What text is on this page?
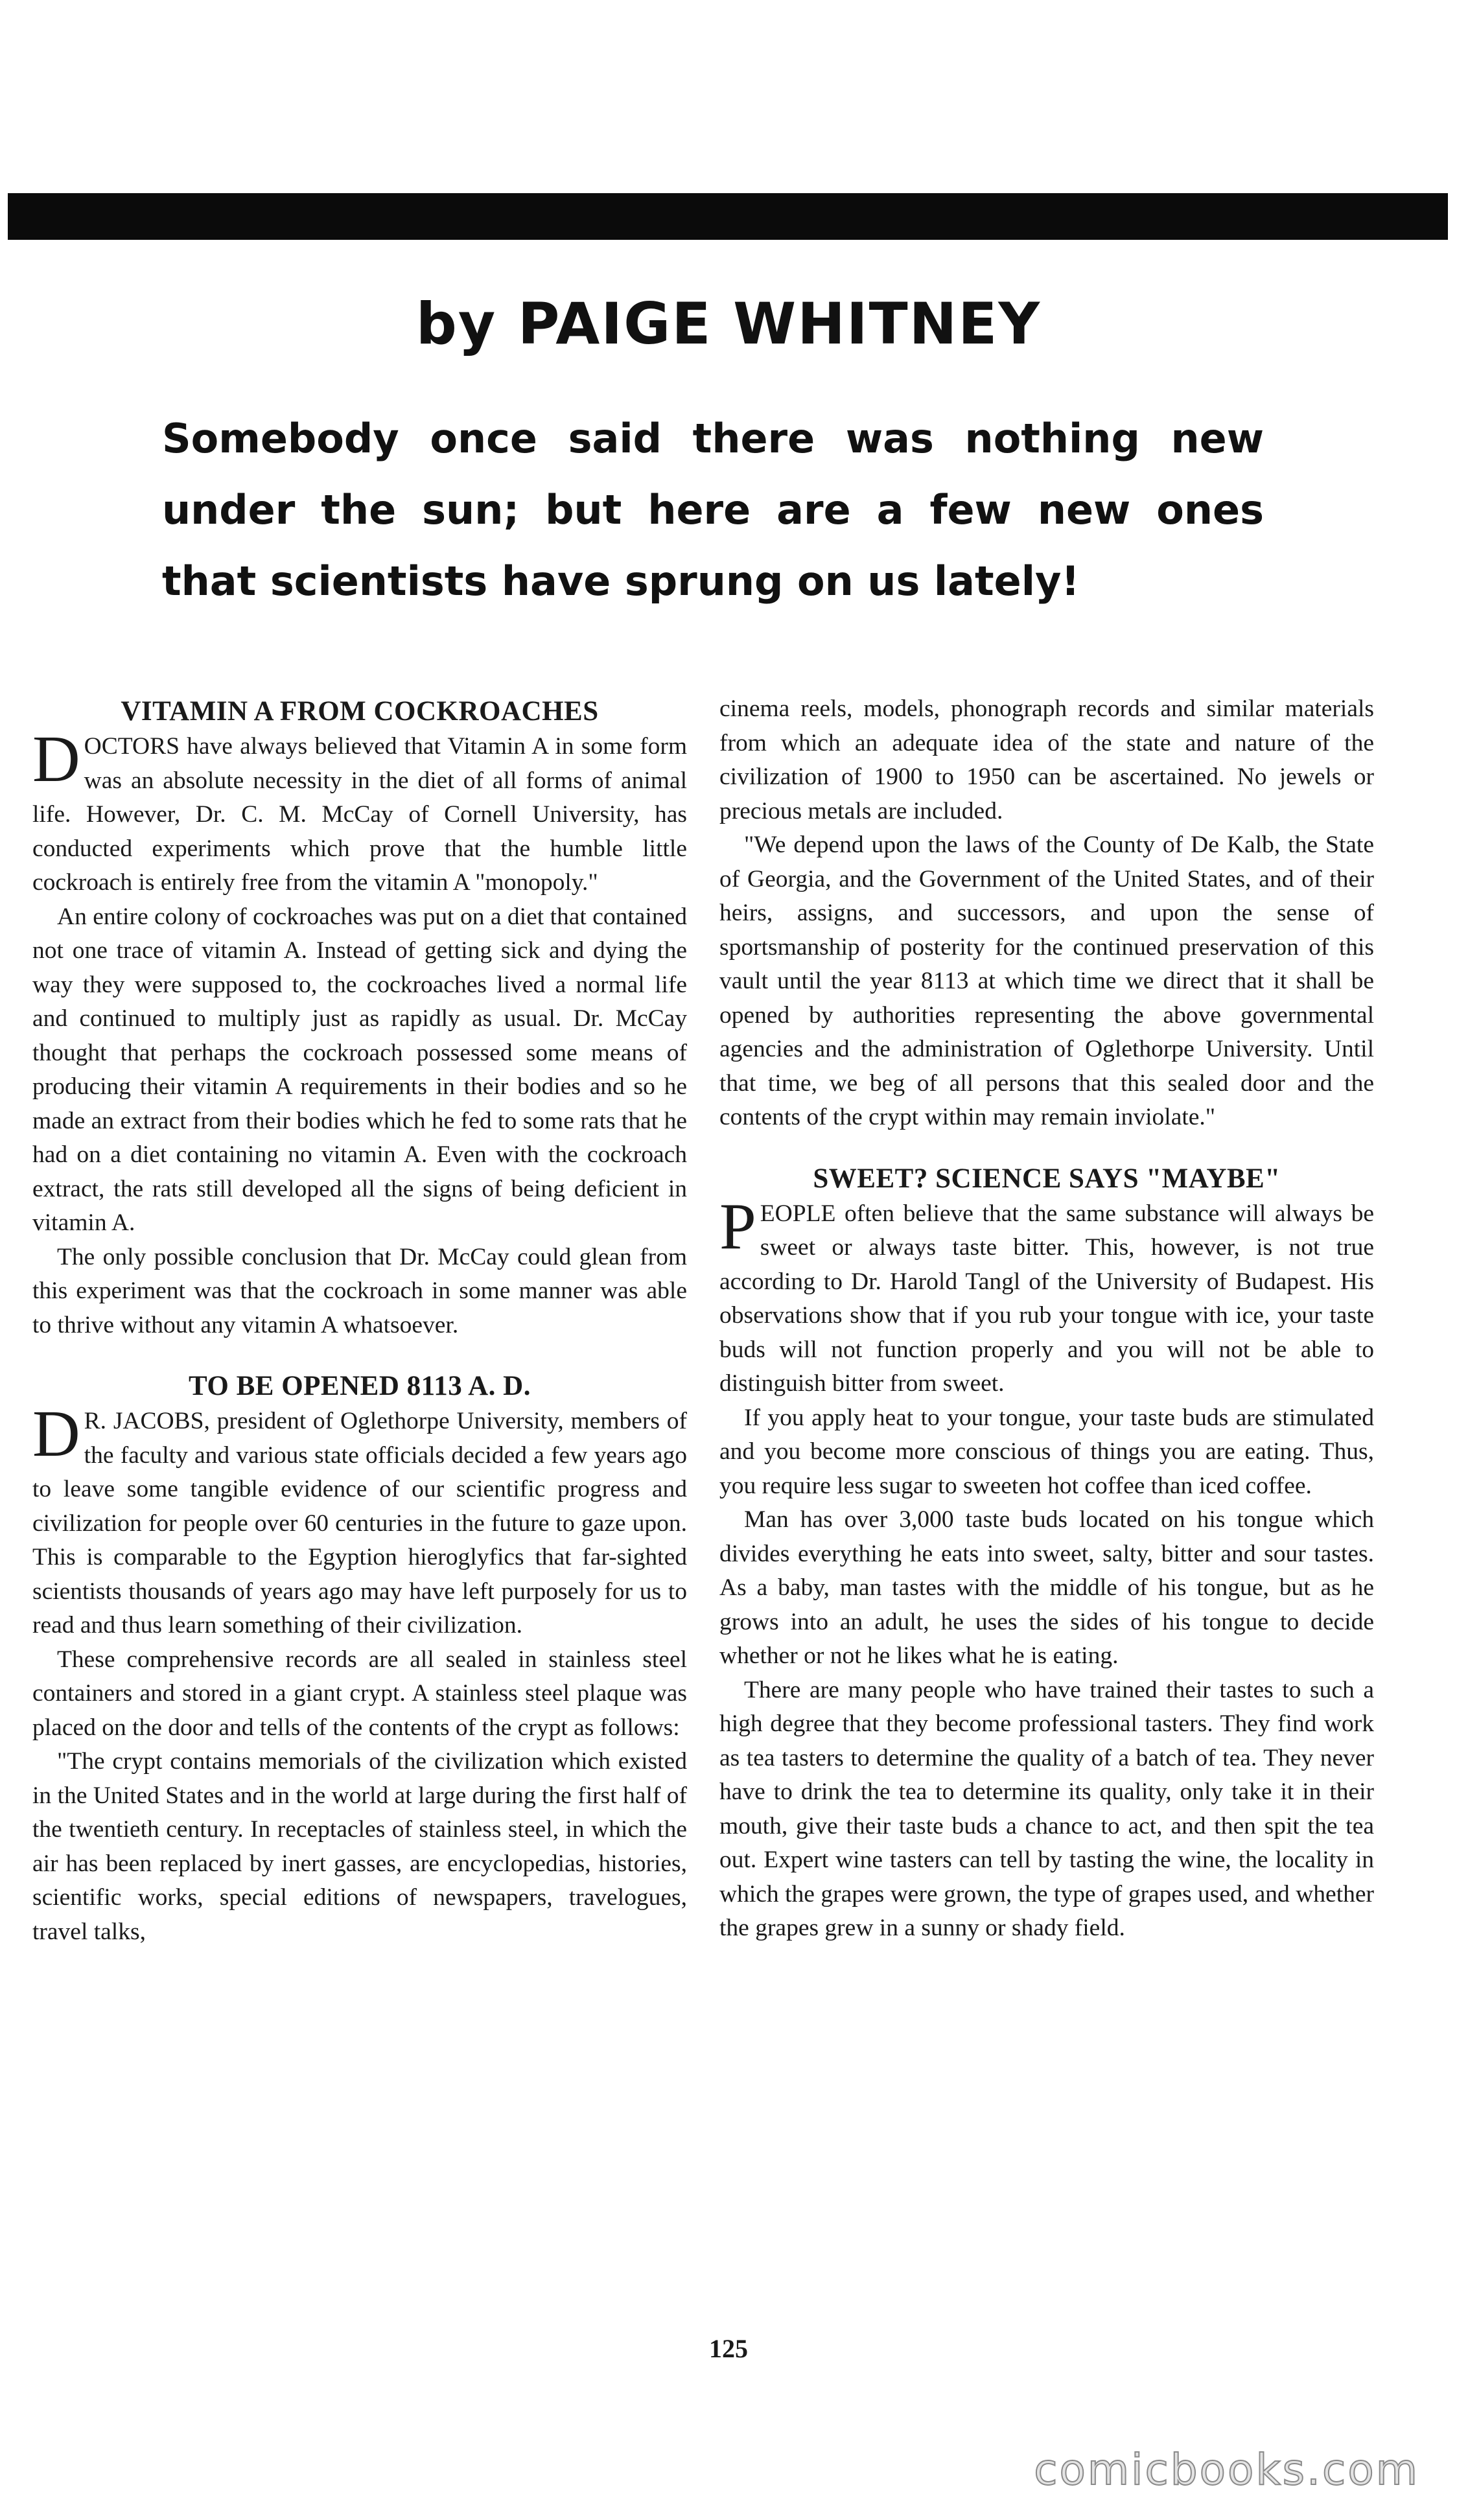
by PAIGE WHITNEY
Somebody once said there was nothing new under the sun; but here are a few new ones that scientists have sprung on us lately!
VITAMIN A FROM COCKROACHES

DOCTORS have always believed that Vitamin A in some form was an absolute necessity in the diet of all forms of animal life. However, Dr. C. M. McCay of Cornell University, has conducted experiments which prove that the humble little cockroach is entirely free from the vitamin A "monopoly."

An entire colony of cockroaches was put on a diet that contained not one trace of vitamin A. Instead of getting sick and dying the way they were supposed to, the cockroaches lived a normal life and continued to multiply just as rapidly as usual. Dr. McCay thought that perhaps the cockroach possessed some means of producing their vitamin A requirements in their bodies and so he made an extract from their bodies which he fed to some rats that he had on a diet containing no vitamin A. Even with the cockroach extract, the rats still developed all the signs of being deficient in vitamin A.

The only possible conclusion that Dr. McCay could glean from this experiment was that the cockroach in some manner was able to thrive without any vitamin A whatsoever.

TO BE OPENED 8113 A. D.

D R. JACOBS, president of Oglethorpe University, members of the faculty and various state officials decided a few years ago to leave some tangible evidence of our scientific progress and civilization for people over 60 centuries in the future to gaze upon. This is comparable to the Egyption hieroglyfics that far-sighted scientists thousands of years ago may have left purposely for us to read and thus learn something of their civilization.

These comprehensive records are all sealed in stainless steel containers and stored in a giant crypt. A stainless steel plaque was placed on the door and tells of the contents of the crypt as follows:

"The crypt contains memorials of the civilization which existed in the United States and in the world at large during the first half of the twentieth century. In receptacles of stainless steel, in which the air has been replaced by inert gasses, are encyclopedias, histories, scientific works, special editions of newspapers, travelogues, travel talks,

cinema reels, models, phonograph records and similar materials from which an adequate idea of the state and nature of the civilization of 1900 to 1950 can be ascertained. No jewels or precious metals are included.

"We depend upon the laws of the County of De Kalb, the State of Georgia, and the Government of the United States, and of their heirs, assigns, and successors, and upon the sense of sportsmanship of posterity for the continued preservation of this vault until the year 8113 at which time we direct that it shall be opened by authorities representing the above governmental agencies and the administration of Oglethorpe University. Until that time, we beg of all persons that this sealed door and the contents of the crypt within may remain inviolate."

SWEET? SCIENCE SAYS "MAYBE"

PEOPLE often believe that the same substance will always be sweet or always taste bitter. This, however, is not true according to Dr. Harold Tangl of the University of Budapest. His observations show that if you rub your tongue with ice, your taste buds will not function properly and you will not be able to distinguish bitter from sweet.

If you apply heat to your tongue, your taste buds are stimulated and you become more conscious of things you are eating. Thus, you require less sugar to sweeten hot coffee than iced coffee.

Man has over 3,000 taste buds located on his tongue which divides everything he eats into sweet, salty, bitter and sour tastes. As a baby, man tastes with the middle of his tongue, but as he grows into an adult, he uses the sides of his tongue to decide whether or not he likes what he is eating.

There are many people who have trained their tastes to such a high degree that they become professional tasters. They find work as tea tasters to determine the quality of a batch of tea. They never have to drink the tea to determine its quality, only take it in their mouth, give their taste buds a chance to act, and then spit the tea out. Expert wine tasters can tell by tasting the wine, the locality in which the grapes were grown, the type of grapes used, and whether the grapes grew in a sunny or shady field.

125
comicbooks.com
